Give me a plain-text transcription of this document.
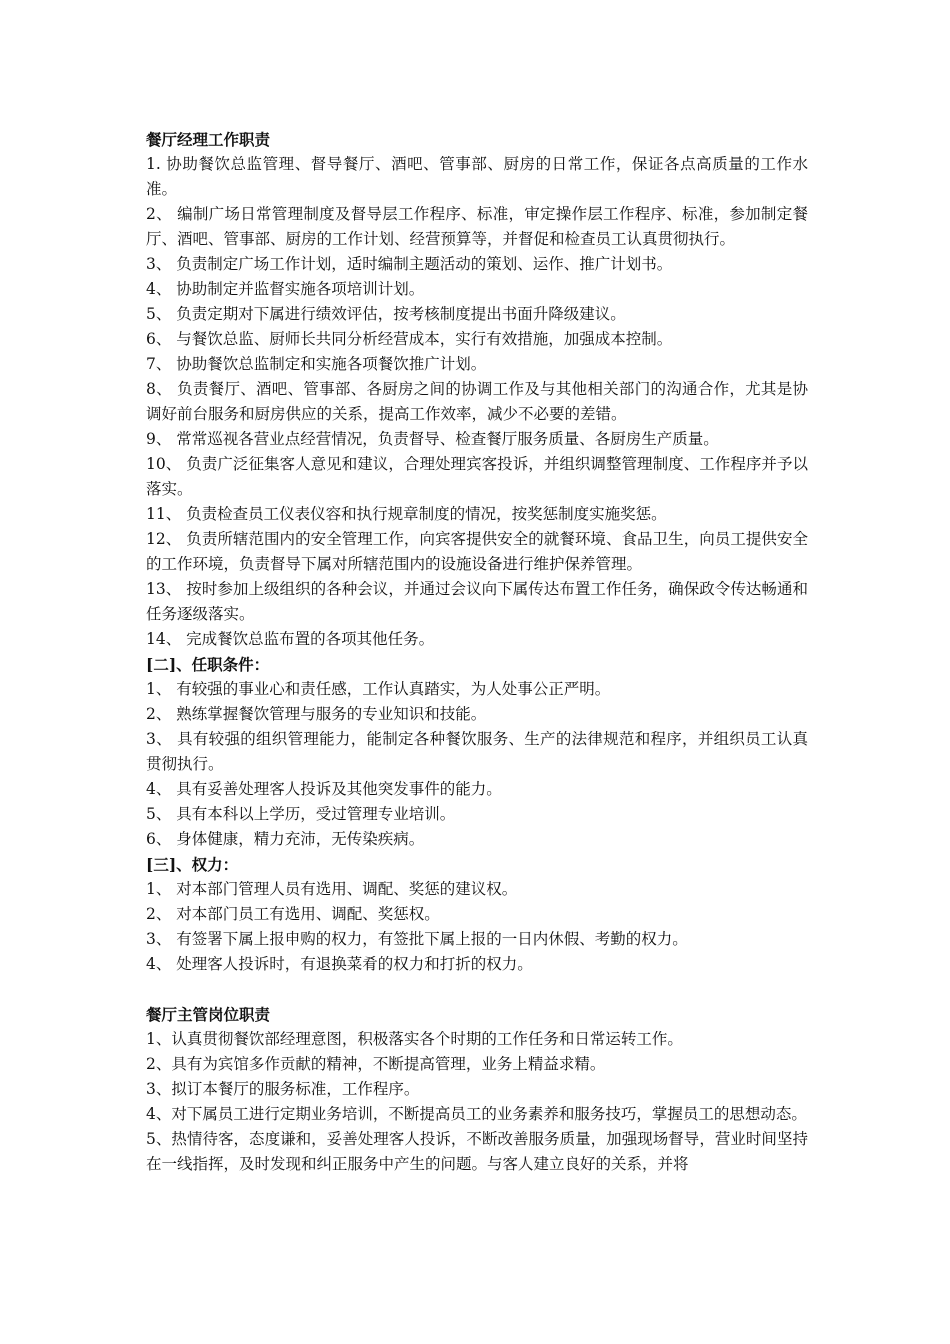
餐厅经理工作职责
1. 协助餐饮总监管理、督导餐厅、酒吧、管事部、厨房的日常工作，保证各点高质量的工作水准。
2、 编制广场日常管理制度及督导层工作程序、标准，审定操作层工作程序、标准，参加制定餐厅、酒吧、管事部、厨房的工作计划、经营预算等，并督促和检查员工认真贯彻执行。
3、 负责制定广场工作计划，适时编制主题活动的策划、运作、推广计划书。
4、 协助制定并监督实施各项培训计划。
5、 负责定期对下属进行绩效评估，按考核制度提出书面升降级建议。
6、 与餐饮总监、厨师长共同分析经营成本，实行有效措施，加强成本控制。
7、 协助餐饮总监制定和实施各项餐饮推广计划。
8、 负责餐厅、酒吧、管事部、各厨房之间的协调工作及与其他相关部门的沟通合作，尤其是协调好前台服务和厨房供应的关系，提高工作效率，减少不必要的差错。
9、 常常巡视各营业点经营情况，负责督导、检查餐厅服务质量、各厨房生产质量。
10、 负责广泛征集客人意见和建议，合理处理宾客投诉，并组织调整管理制度、工作程序并予以落实。
11、 负责检查员工仪表仪容和执行规章制度的情况，按奖惩制度实施奖惩。
12、 负责所辖范围内的安全管理工作，向宾客提供安全的就餐环境、食品卫生，向员工提供安全的工作环境，负责督导下属对所辖范围内的设施设备进行维护保养管理。
13、 按时参加上级组织的各种会议，并通过会议向下属传达布置工作任务，确保政令传达畅通和任务逐级落实。
14、 完成餐饮总监布置的各项其他任务。
[二]、任职条件：
1、 有较强的事业心和责任感，工作认真踏实，为人处事公正严明。
2、 熟练掌握餐饮管理与服务的专业知识和技能。
3、 具有较强的组织管理能力，能制定各种餐饮服务、生产的法律规范和程序，并组织员工认真贯彻执行。
4、 具有妥善处理客人投诉及其他突发事件的能力。
5、 具有本科以上学历，受过管理专业培训。
6、 身体健康，精力充沛，无传染疾病。
[三]、权力：
1、 对本部门管理人员有选用、调配、奖惩的建议权。
2、 对本部门员工有选用、调配、奖惩权。
3、 有签署下属上报申购的权力，有签批下属上报的一日内休假、考勤的权力。
4、 处理客人投诉时，有退换菜肴的权力和打折的权力。
餐厅主管岗位职责
1、认真贯彻餐饮部经理意图，积极落实各个时期的工作任务和日常运转工作。
2、具有为宾馆多作贡献的精神，不断提高管理，业务上精益求精。
3、拟订本餐厅的服务标准，工作程序。
4、对下属员工进行定期业务培训，不断提高员工的业务素养和服务技巧，掌握员工的思想动态。
5、热情待客，态度谦和，妥善处理客人投诉，不断改善服务质量，加强现场督导，营业时间坚持在一线指挥，及时发现和纠正服务中产生的问题。与客人建立良好的关系，并将
